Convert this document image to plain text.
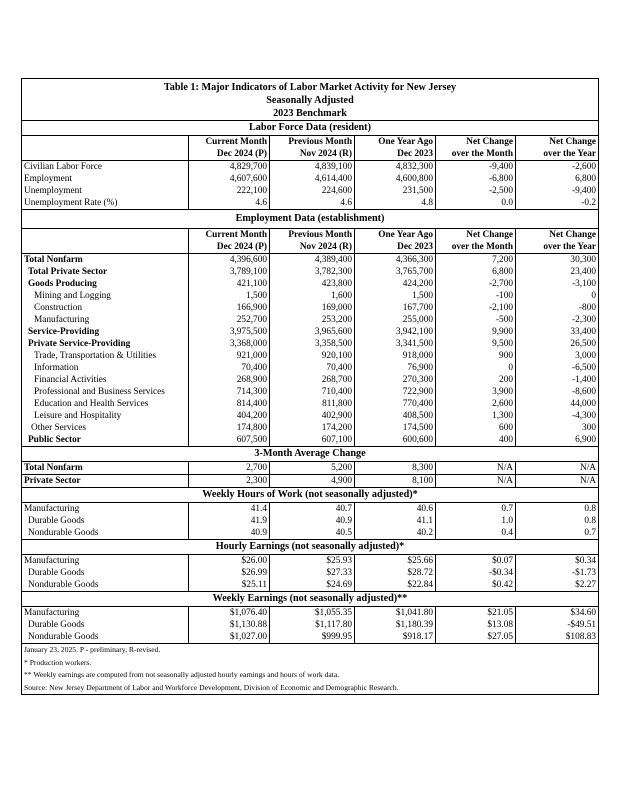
Table 1: Major Indicators of Labor Market Activity for New Jersey					
Seasonally Adjusted					
2023 Benchmark					
Labor Force Data (resident)					
	Current Month	Previous Month	One Year Ago	Net Change	Net Change
	Dec 2024 (P)	Nov 2024 (R)	Dec 2023	over the Month	over the Year
Civilian Labor Force	4,829,700	4,839,100	4,832,300	-9,400	-2,600
Employment	4,607,600	4,614,400	4,600,800	-6,800	6,800
Unemployment	222,100	224,600	231,500	-2,500	-9,400
Unemployment Rate (%)	4.6	4.6	4.8	0.0	-0.2
Employment Data (establishment)					
	Current Month	Previous Month	One Year Ago	Net Change	Net Change
	Dec 2024 (P)	Nov 2024 (R)	Dec 2023	over the Month	over the Year
Total Nonfarm	4,396,600	4,389,400	4,366,300	7,200	30,300
Total Private Sector	3,789,100	3,782,300	3,765,700	6,800	23,400
Goods Producing	421,100	423,800	424,200	-2,700	-3,100
Mining and Logging	1,500	1,600	1,500	-100	0
Construction	166,900	169,000	167,700	-2,100	-800
Manufacturing	252,700	253,200	255,000	-500	-2,300
Service-Providing	3,975,500	3,965,600	3,942,100	9,900	33,400
Private Service-Providing	3,368,000	3,358,500	3,341,500	9,500	26,500
Trade, Transportation & Utilities	921,000	920,100	918,000	900	3,000
Information	70,400	70,400	76,900	0	-6,500
Financial Activities	268,900	268,700	270,300	200	-1,400
Professional and Business Services	714,300	710,400	722,900	3,900	-8,600
Education and Health Services	814,400	811,800	770,400	2,600	44,000
Leisure and Hospitality	404,200	402,900	408,500	1,300	-4,300
Other Services	174,800	174,200	174,500	600	300
Public Sector	607,500	607,100	600,600	400	6,900
3-Month Average Change					
Total Nonfarm	2,700	5,200	8,300	N/A	N/A
Private Sector	2,300	4,900	8,100	N/A	N/A
Weekly Hours of Work (not seasonally adjusted)*					
Manufacturing	41.4	40.7	40.6	0.7	0.8
Durable Goods	41.9	40.9	41.1	1.0	0.8
Nondurable Goods	40.9	40.5	40.2	0.4	0.7
Hourly Earnings (not seasonally adjusted)*					
Manufacturing	$26.00	$25.93	$25.66	$0.07	$0.34
Durable Goods	$26.99	$27.33	$28.72	-$0.34	-$1.73
Nondurable Goods	$25.11	$24.69	$22.84	$0.42	$2.27
Weekly Earnings (not seasonally adjusted)**					
Manufacturing	$1,076.40	$1,055.35	$1,041.80	$21.05	$34.60
Durable Goods	$1,130.88	$1,117.80	$1,180.39	$13.08	-$49.51
Nondurable Goods	$1,027.00	$999.95	$918.17	$27.05	$108.83
January 23, 2025. P - preliminary, R-revised.					
* Production workers.					
** Weekly earnings are computed from not seasonally adjusted hourly earnings and hours of work data.					
Source: New Jersey Department of Labor and Workforce Development, Division of Economic and Demographic Research.					
